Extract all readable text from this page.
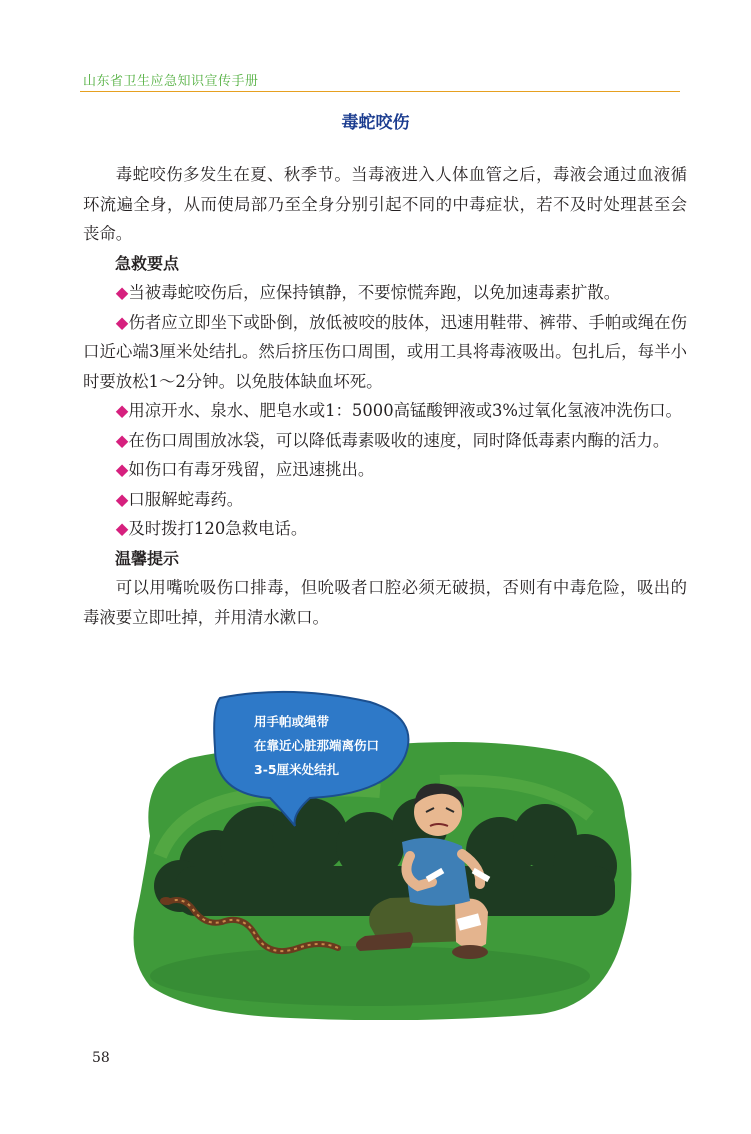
山东省卫生应急知识宣传手册
毒蛇咬伤

毒蛇咬伤多发生在夏、秋季节。当毒液进入人体血管之后，毒液会通过血液循环流遍全身，从而使局部乃至全身分别引起不同的中毒症状，若不及时处理甚至会丧命。

急救要点

◆当被毒蛇咬伤后，应保持镇静，不要惊慌奔跑，以免加速毒素扩散。

◆伤者应立即坐下或卧倒，放低被咬的肢体，迅速用鞋带、裤带、手帕或绳在伤口近心端3厘米处结扎。然后挤压伤口周围，或用工具将毒液吸出。包扎后，每半小时要放松1～2分钟。以免肢体缺血坏死。

◆用凉开水、泉水、肥皂水或1：5000高锰酸钾液或3%过氧化氢液冲洗伤口。

◆在伤口周围放冰袋，可以降低毒素吸收的速度，同时降低毒素内酶的活力。

◆如伤口有毒牙残留，应迅速挑出。

◆口服解蛇毒药。

◆及时拨打120急救电话。

温馨提示

可以用嘴吮吸伤口排毒，但吮吸者口腔必须无破损，否则有中毒危险，吸出的毒液要立即吐掉，并用清水漱口。

用手帕或绳带
在靠近心脏那端离伤口
3-5厘米处结扎
58
